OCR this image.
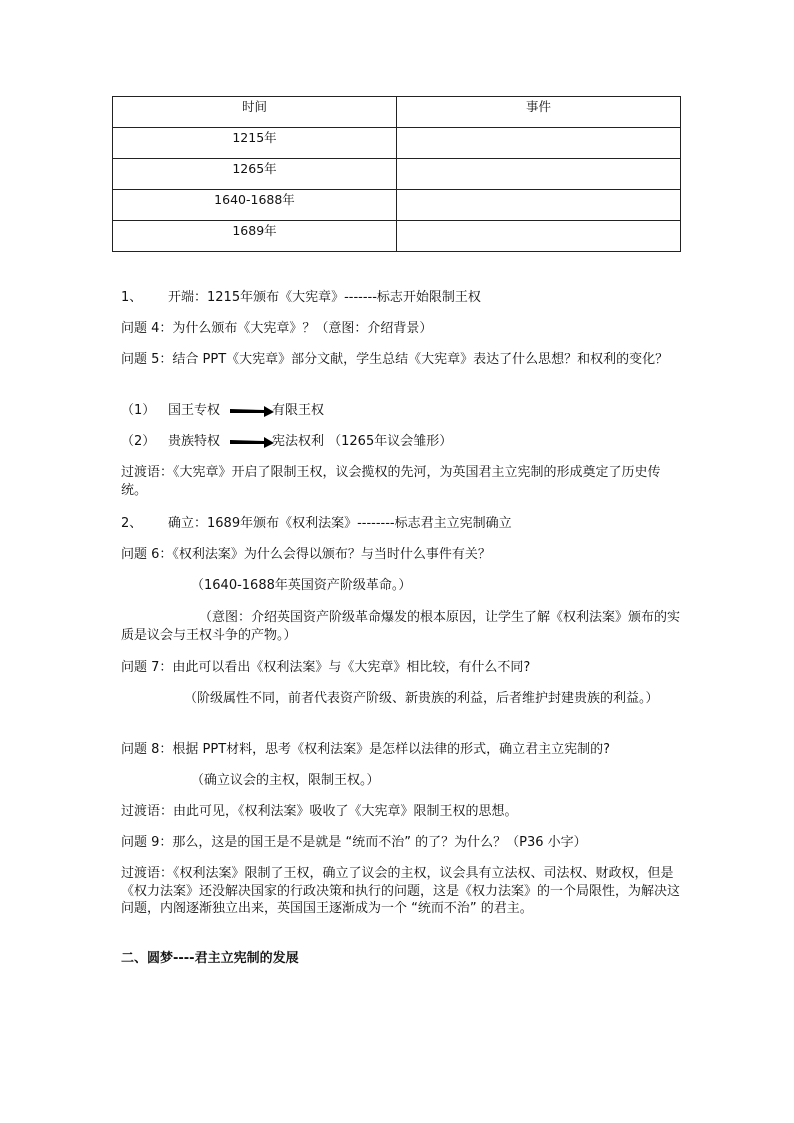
时间	事件
1215年	
1265年	
1640-1688年	
1689年	
1、	开端：1215年颁布《大宪章》-------标志开始限制王权

问题 4：为什么颁布《大宪章》？（意图：介绍背景）

问题 5：结合 PPT《大宪章》部分文献，学生总结《大宪章》表达了什么思想？和权利的变化？

（1） 国王专权	有限王权
（2） 贵族特权	宪法权利 （1265年议会雏形）

过渡语：《大宪章》开启了限制王权，议会揽权的先河，为英国君主立宪制的形成奠定了历史传统。

2、	确立：1689年颁布《权利法案》--------标志君主立宪制确立

问题 6：《权利法案》为什么会得以颁布？与当时什么事件有关？

（1640-1688年英国资产阶级革命。）

（意图：介绍英国资产阶级革命爆发的根本原因，让学生了解《权利法案》颁布的实质是议会与王权斗争的产物。）

问题 7：由此可以看出《权利法案》与《大宪章》相比较，有什么不同?

（阶级属性不同，前者代表资产阶级、新贵族的利益，后者维护封建贵族的利益。）

问题 8：根据 PPT材料，思考《权利法案》是怎样以法律的形式，确立君主立宪制的?

（确立议会的主权，限制王权。）

过渡语：由此可见，《权利法案》吸收了《大宪章》限制王权的思想。

问题 9：那么，这是的国王是不是就是 “统而不治” 的了？为什么？（P36 小字）

过渡语：《权利法案》限制了王权，确立了议会的主权，议会具有立法权、司法权、财政权，但是《权力法案》还没解决国家的行政决策和执行的问题，这是《权力法案》的一个局限性，为解决这问题，内阁逐渐独立出来，英国国王逐渐成为一个 “统而不治” 的君主。

二、圆梦----君主立宪制的发展
